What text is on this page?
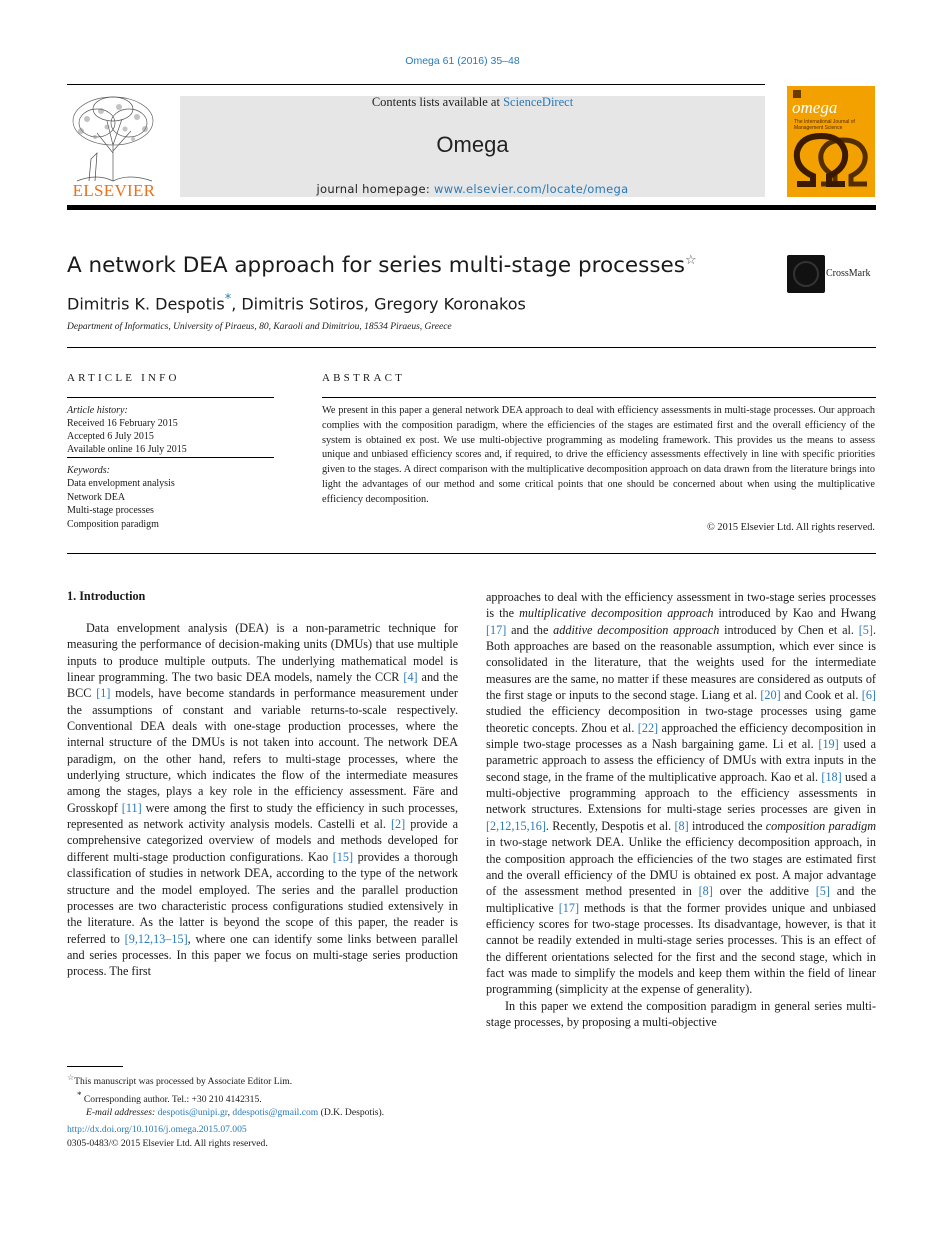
Omega 61 (2016) 35–48
ELSEVIER
Contents lists available at ScienceDirect
Omega
journal homepage: www.elsevier.com/locate/omega
omega
The International Journal of Management Science
A network DEA approach for series multi-stage processes☆
CrossMark
Dimitris K. Despotis*, Dimitris Sotiros, Gregory Koronakos
Department of Informatics, University of Piraeus, 80, Karaoli and Dimitriou, 18534 Piraeus, Greece
ARTICLE INFO	ABSTRACT
Article history:
Received 16 February 2015
Accepted 6 July 2015
Available online 16 July 2015
Keywords:
Data envelopment analysis
Network DEA
Multi-stage processes
Composition paradigm
We present in this paper a general network DEA approach to deal with efficiency assessments in multi-stage processes. Our approach complies with the composition paradigm, where the efficiencies of the stages are estimated first and the overall efficiency of the system is obtained ex post. We use multi-objective programming as modeling framework. This provides us the means to assess unique and unbiased efficiency scores and, if required, to drive the efficiency assessments effectively in line with specific priorities given to the stages. A direct comparison with the multiplicative decomposition approach on data drawn from the literature brings into light the advantages of our method and some critical points that one should be concerned about when using the multiplicative efficiency decomposition.
© 2015 Elsevier Ltd. All rights reserved.
1. Introduction

Data envelopment analysis (DEA) is a non-parametric technique for measuring the performance of decision-making units (DMUs) that use multiple inputs to produce multiple outputs. The underlying mathematical model is linear programming. The two basic DEA models, namely the CCR [4] and the BCC [1] models, have become standards in performance measurement under the assumptions of constant and variable returns-to-scale respectively. Conventional DEA deals with one-stage production processes, where the internal structure of the DMUs is not taken into account. The network DEA paradigm, on the other hand, refers to multi-stage processes, where the underlying structure, which indicates the flow of the intermediate measures among the stages, plays a key role in the efficiency assessment. Färe and Grosskopf [11] were among the first to study the efficiency in such processes, represented as network activity analysis models. Castelli et al. [2] provide a comprehensive categorized overview of models and methods developed for different multi-stage production configurations. Kao [15] provides a thorough classification of studies in network DEA, according to the type of the network structure and the model employed. The series and the parallel production processes are two characteristic process configurations studied extensively in the literature. As the latter is beyond the scope of this paper, the reader is referred to [9,12,13–15], where one can identify some links between parallel and series processes. In this paper we focus on multi-stage series production process. The first

approaches to deal with the efficiency assessment in two-stage series processes is the multiplicative decomposition approach introduced by Kao and Hwang [17] and the additive decomposition approach introduced by Chen et al. [5]. Both approaches are based on the reasonable assumption, which ever since is consolidated in the literature, that the weights used for the intermediate measures are the same, no matter if these measures are considered as outputs of the first stage or inputs to the second stage. Liang et al. [20] and Cook et al. [6] studied the efficiency decomposition in two-stage processes using game theoretic concepts. Zhou et al. [22] approached the efficiency decomposition in simple two-stage processes as a Nash bargaining game. Li et al. [19] used a parametric approach to assess the efficiency of DMUs with extra inputs in the second stage, in the frame of the multiplicative approach. Kao et al. [18] used a multi-objective programming approach to the efficiency assessments in network structures. Extensions for multi-stage series processes are given in [2,12,15,16]. Recently, Despotis et al. [8] introduced the composition paradigm in two-stage network DEA. Unlike the efficiency decomposition approach, in the composition approach the efficiencies of the two stages are estimated first and the overall efficiency of the DMU is obtained ex post. A major advantage of the assessment method presented in [8] over the additive [5] and the multiplicative [17] methods is that the former provides unique and unbiased efficiency scores for two-stage processes. Its disadvantage, however, is that it cannot be readily extended in multi-stage series processes. This is an effect of the different orientations selected for the first and the second stage, which in fact was made to simplify the models and keep them within the field of linear programming (simplicity at the expense of generality).

In this paper we extend the composition paradigm in general series multi-stage processes, by proposing a multi-objective

☆This manuscript was processed by Associate Editor Lim.
* Corresponding author. Tel.: +30 210 4142315.
E-mail addresses: despotis@unipi.gr, ddespotis@gmail.com (D.K. Despotis).
http://dx.doi.org/10.1016/j.omega.2015.07.005
0305-0483/© 2015 Elsevier Ltd. All rights reserved.
